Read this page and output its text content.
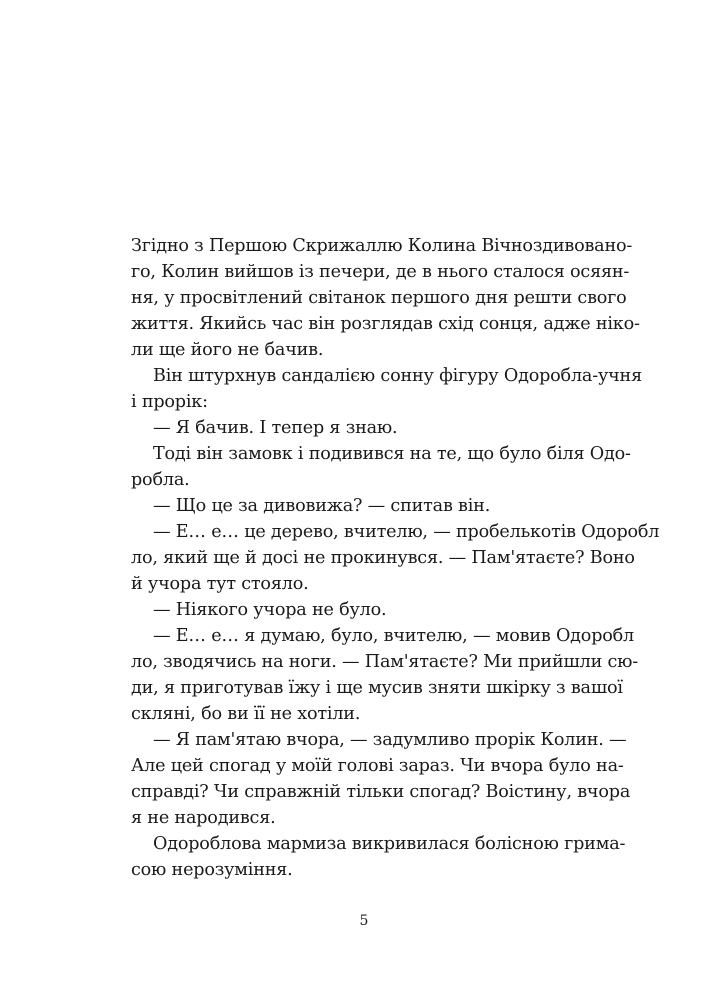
Згідно з Першою Скрижаллю Колина Вічноздивовано-
го, Колин вийшов із печери, де в нього сталося осяян-
ня, у просвітлений світанок першого дня решти свого
життя. Якийсь час він розглядав схід сонця, адже ніко-
ли ще його не бачив.
Він штурхнув сандалією сонну фігуру Одоробла-учня
і прорік:
— Я бачив. І тепер я знаю.
Тоді він замовк і подивився на те, що було біля Одо-
робла.
— Що це за дивовижа? — спитав він.
— Е… е… це дерево, вчителю, — пробелькотів Одоробл
ло, який ще й досі не прокинувся. — Пам'ятаєте? Воно
й учора тут стояло.
— Ніякого учора не було.
— Е… е… я думаю, було, вчителю, — мовив Одоробл
ло, зводячись на ноги. — Пам'ятаєте? Ми прийшли сю-
ди, я приготував їжу і ще мусив зняти шкірку з вашої
скляні, бо ви її не хотіли.
— Я пам'ятаю вчора, — задумливо прорік Колин. —
Але цей спогад у моїй голові зараз. Чи вчора було на-
справді? Чи справжній тільки спогад? Воістину, вчора
я не народився.
Одороблова мармиза викривилася болісною грима-
сою нерозуміння.
5
